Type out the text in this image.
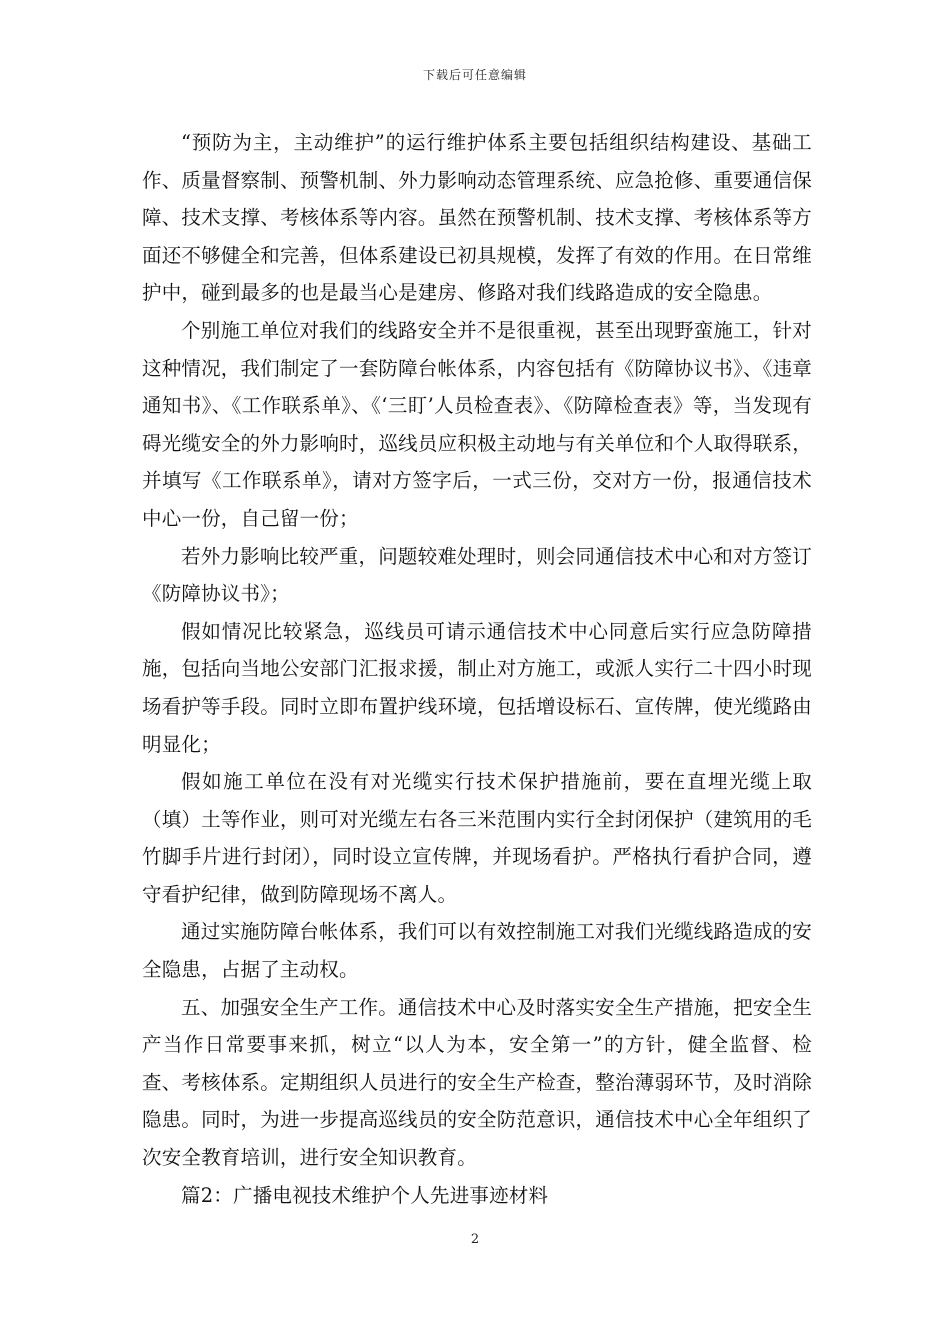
下载后可任意编辑

“预防为主，主动维护”的运行维护体系主要包括组织结构建设、基础工作、质量督察制、预警机制、外力影响动态管理系统、应急抢修、重要通信保障、技术支撑、考核体系等内容。虽然在预警机制、技术支撑、考核体系等方面还不够健全和完善，但体系建设已初具规模，发挥了有效的作用。在日常维护中，碰到最多的也是最当心是建房、修路对我们线路造成的安全隐患。

个别施工单位对我们的线路安全并不是很重视，甚至出现野蛮施工，针对这种情况，我们制定了一套防障台帐体系，内容包括有《防障协议书》、《违章通知书》、《工作联系单》、《‘三盯’人员检查表》、《防障检查表》等，当发现有碍光缆安全的外力影响时，巡线员应积极主动地与有关单位和个人取得联系，并填写《工作联系单》，请对方签字后，一式三份，交对方一份，报通信技术中心一份，自己留一份；

若外力影响比较严重，问题较难处理时，则会同通信技术中心和对方签订《防障协议书》；

假如情况比较紧急，巡线员可请示通信技术中心同意后实行应急防障措施，包括向当地公安部门汇报求援，制止对方施工，或派人实行二十四小时现场看护等手段。同时立即布置护线环境，包括增设标石、宣传牌，使光缆路由明显化；

假如施工单位在没有对光缆实行技术保护措施前，要在直埋光缆上取（填）土等作业，则可对光缆左右各三米范围内实行全封闭保护（建筑用的毛竹脚手片进行封闭），同时设立宣传牌，并现场看护。严格执行看护合同，遵守看护纪律，做到防障现场不离人。

通过实施防障台帐体系，我们可以有效控制施工对我们光缆线路造成的安全隐患，占据了主动权。

五、加强安全生产工作。通信技术中心及时落实安全生产措施，把安全生产当作日常要事来抓，树立“以人为本，安全第一”的方针，健全监督、检查、考核体系。定期组织人员进行的安全生产检查，整治薄弱环节，及时消除隐患。同时，为进一步提高巡线员的安全防范意识，通信技术中心全年组织了次安全教育培训，进行安全知识教育。

篇2：广播电视技术维护个人先进事迹材料

2
